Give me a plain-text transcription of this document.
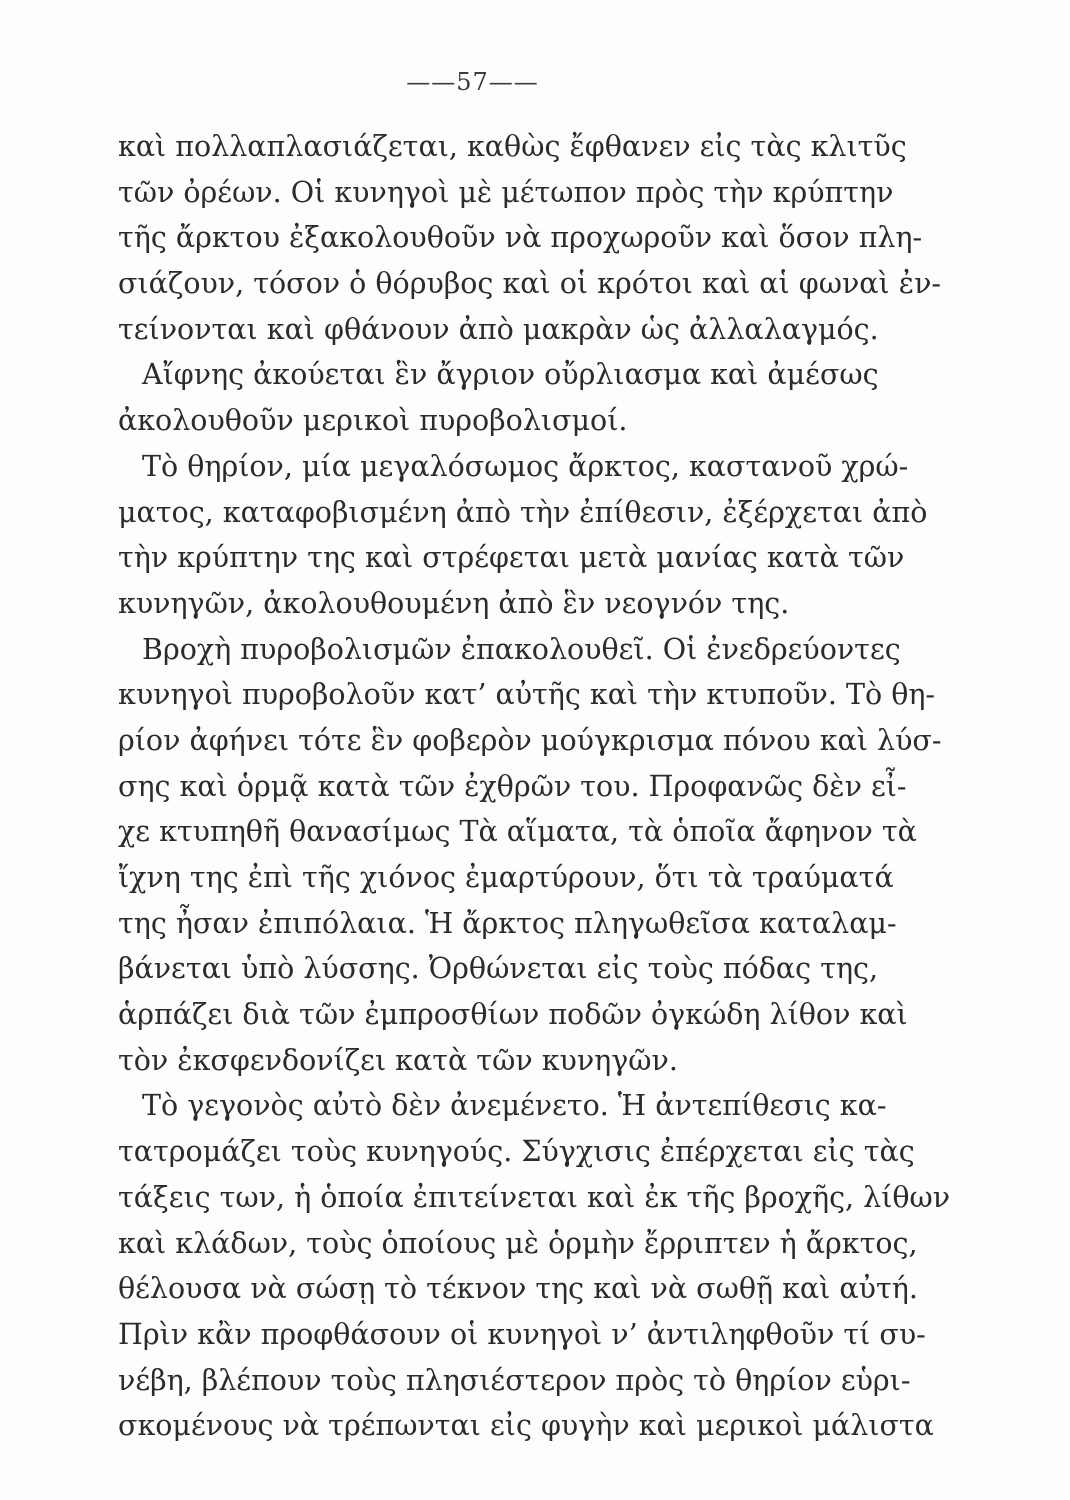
——57——
καὶ πολλαπλασιάζεται, καθὼς ἔφθανεν εἰς τὰς κλιτῦς
τῶν ὀρέων. Οἱ κυνηγοὶ μὲ μέτωπον πρὸς τὴν κρύπτην
τῆς ἄρκτου ἐξακολουθοῦν νὰ προχωροῦν καὶ ὅσον πλη-
σιάζουν, τόσον ὁ θόρυβος καὶ οἱ κρότοι καὶ αἱ φωναὶ ἐν-
τείνονται καὶ φθάνουν ἀπὸ μακρὰν ὡς ἀλλαλαγμός.
Αἴφνης ἀκούεται ἓν ἄγριον οὔρλιασμα καὶ ἀμέσως
ἀκολουθοῦν μερικοὶ πυροβολισμοί.
Τὸ θηρίον, μία μεγαλόσωμος ἄρκτος, καστανοῦ χρώ-
ματος, καταφοβισμένη ἀπὸ τὴν ἐπίθεσιν, ἐξέρχεται ἀπὸ
τὴν κρύπτην της καὶ στρέφεται μετὰ μανίας κατὰ τῶν
κυνηγῶν, ἀκολουθουμένη ἀπὸ ἓν νεογνόν της.
Βροχὴ πυροβολισμῶν ἐπακολουθεῖ. Οἱ ἐνεδρεύοντες
κυνηγοὶ πυροβολοῦν κατ’ αὐτῆς καὶ τὴν κτυποῦν. Τὸ θη-
ρίον ἀφήνει τότε ἓν φοβερὸν μούγκρισμα πόνου καὶ λύσ-
σης καὶ ὁρμᾷ κατὰ τῶν ἐχθρῶν του. Προφανῶς δὲν εἶ-
χε κτυπηθῆ θανασίμως Τὰ αἵματα, τὰ ὁποῖα ἄφηνον τὰ
ἴχνη της ἐπὶ τῆς χιόνος ἐμαρτύρουν, ὅτι τὰ τραύματά
της ἦσαν ἐπιπόλαια. Ἡ ἄρκτος πληγωθεῖσα καταλαμ-
βάνεται ὑπὸ λύσσης. Ὀρθώνεται εἰς τοὺς πόδας της,
ἁρπάζει διὰ τῶν ἐμπροσθίων ποδῶν ὀγκώδη λίθον καὶ
τὸν ἐκσφενδονίζει κατὰ τῶν κυνηγῶν.
Τὸ γεγονὸς αὐτὸ δὲν ἀνεμένετο. Ἡ ἀντεπίθεσις κα-
τατρομάζει τοὺς κυνηγούς. Σύγχισις ἐπέρχεται εἰς τὰς
τάξεις των, ἡ ὁποία ἐπιτείνεται καὶ ἐκ τῆς βροχῆς, λίθων
καὶ κλάδων, τοὺς ὁποίους μὲ ὁρμὴν ἔρριπτεν ἡ ἄρκτος,
θέλουσα νὰ σώσῃ τὸ τέκνον της καὶ νὰ σωθῇ καὶ αὐτή.
Πρὶν κἂν προφθάσουν οἱ κυνηγοὶ ν’ ἀντιληφθοῦν τί συ-
νέβη, βλέπουν τοὺς πλησιέστερον πρὸς τὸ θηρίον εὑρι-
σκομένους νὰ τρέπωνται εἰς φυγὴν καὶ μερικοὶ μάλιστα
